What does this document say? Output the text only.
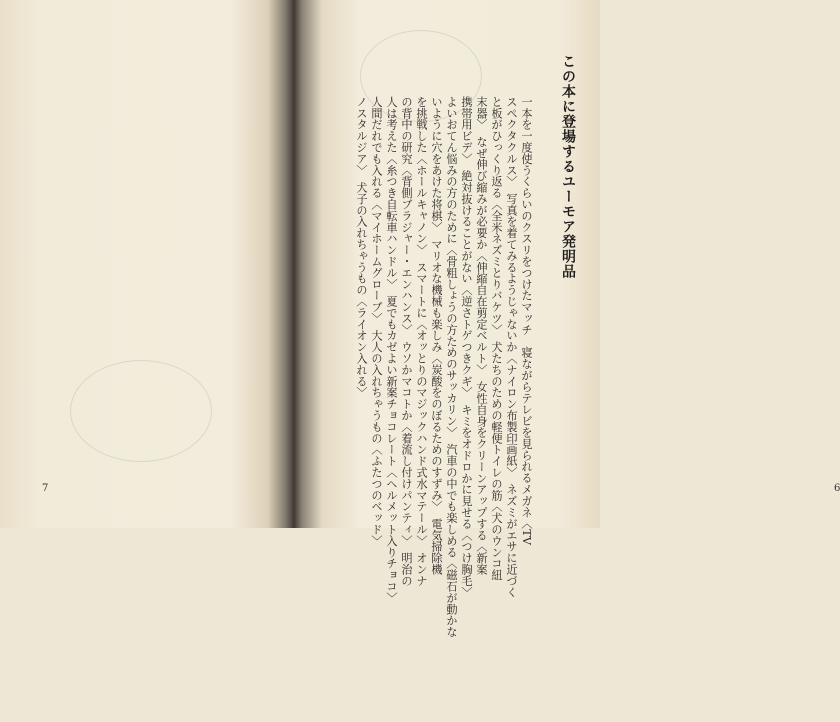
7
この本に登場するユーモア発明品
一本を一度使うくらいのクスリをつけたマッチ　寝ながらテレビを見られるメガネ〈TV
スペクタクルス〉　写真を着てみるようじゃないか〈ナイロン布製印画紙〉　ネズミがエサに近づく
と板がひっくり返る〈全米ネズミとりバケツ〉　犬たちのための軽便トイレの筋〈犬のウンコ紐
末器〉　なぜ伸び縮みが必要か〈伸縮自在剪定ベルト〉　女性自身をクリーンアップする〈新案
携帯用ビデ〉　絶対抜けることがない〈逆さトゲつきクギ〉　キミをオドロかに見せる〈つけ胸毛〉
よいおてん悩みの方のために〈骨粗しょうの方ためのサッカリン〉　汽車の中でも楽しめる〈磁石が動かな
いように穴をあけた将棋〉　マリオな機械も楽しみ〈炭酸をのぼるためのすずみ〉　電気掃除機
を挑戦した〈ホールキャノン〉　スマートに〈オッとりのマジックハンド式水マテール〉　オンナ
の背中の研究〈背側ブラジャー・エンハンス〉　ウソかマコトか〈着流し付けパンティ〉　明治の
人は考えた〈糸つき自転車ハンドル〉　夏でもカゼよい新案チョコレート〈ヘルメット入りチョコ〉
人間だれでも入れる〈マイホームグローブ〉　大人の入れちゃうもの〈ふたつのベッド〉
ノスタルジア〉　犬子の入れちゃうもの〈ライオン入れる〉
6
